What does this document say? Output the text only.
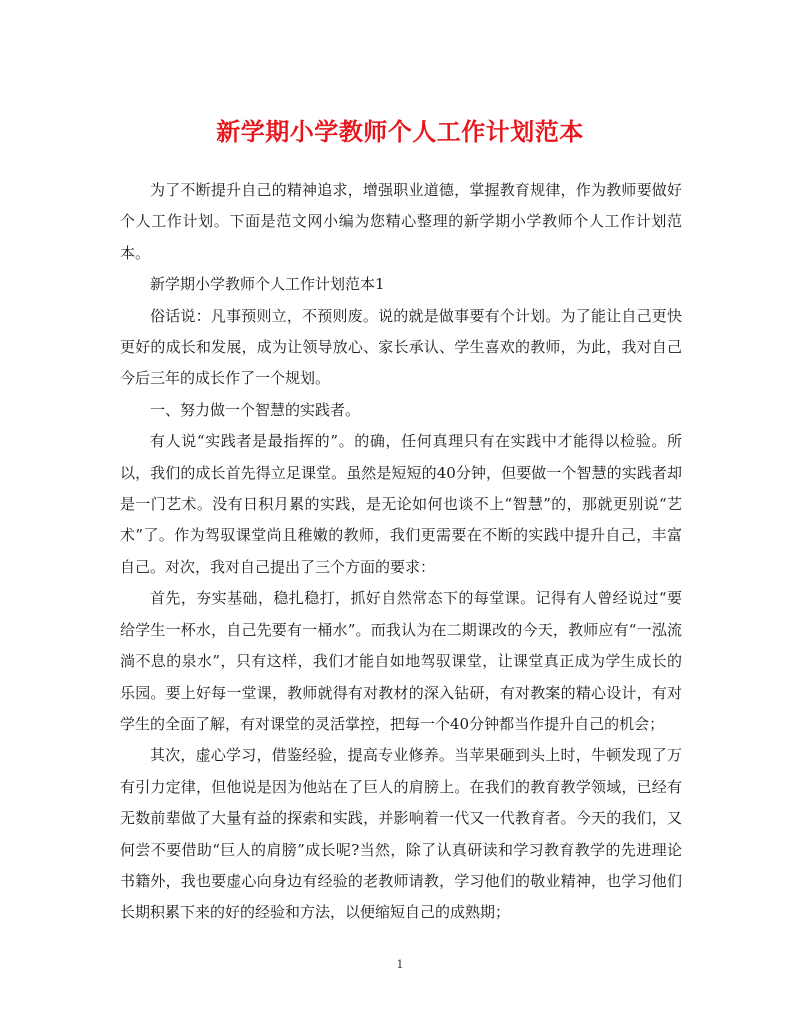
新学期小学教师个人工作计划范本

为了不断提升自己的精神追求，增强职业道德，掌握教育规律，作为教师要做好个人工作计划。下面是范文网小编为您精心整理的新学期小学教师个人工作计划范本。

新学期小学教师个人工作计划范本1

俗话说：凡事预则立，不预则废。说的就是做事要有个计划。为了能让自己更快更好的成长和发展，成为让领导放心、家长承认、学生喜欢的教师，为此，我对自己今后三年的成长作了一个规划。

一、努力做一个智慧的实践者。

有人说“实践者是最指挥的”。的确，任何真理只有在实践中才能得以检验。所以，我们的成长首先得立足课堂。虽然是短短的40分钟，但要做一个智慧的实践者却是一门艺术。没有日积月累的实践，是无论如何也谈不上“智慧”的，那就更别说“艺术”了。作为驾驭课堂尚且稚嫩的教师，我们更需要在不断的实践中提升自己，丰富自己。对次，我对自己提出了三个方面的要求：

首先，夯实基础，稳扎稳打，抓好自然常态下的每堂课。记得有人曾经说过“要给学生一杯水，自己先要有一桶水”。而我认为在二期课改的今天，教师应有“一泓流淌不息的泉水”，只有这样，我们才能自如地驾驭课堂，让课堂真正成为学生成长的乐园。要上好每一堂课，教师就得有对教材的深入钻研，有对教案的精心设计，有对学生的全面了解，有对课堂的灵活掌控，把每一个40分钟都当作提升自己的机会；

其次，虚心学习，借鉴经验，提高专业修养。当苹果砸到头上时，牛顿发现了万有引力定律，但他说是因为他站在了巨人的肩膀上。在我们的教育教学领域，已经有无数前辈做了大量有益的探索和实践，并影响着一代又一代教育者。今天的我们，又何尝不要借助“巨人的肩膀”成长呢?当然，除了认真研读和学习教育教学的先进理论书籍外，我也要虚心向身边有经验的老教师请教，学习他们的敬业精神，也学习他们长期积累下来的好的经验和方法，以便缩短自己的成熟期；

1
